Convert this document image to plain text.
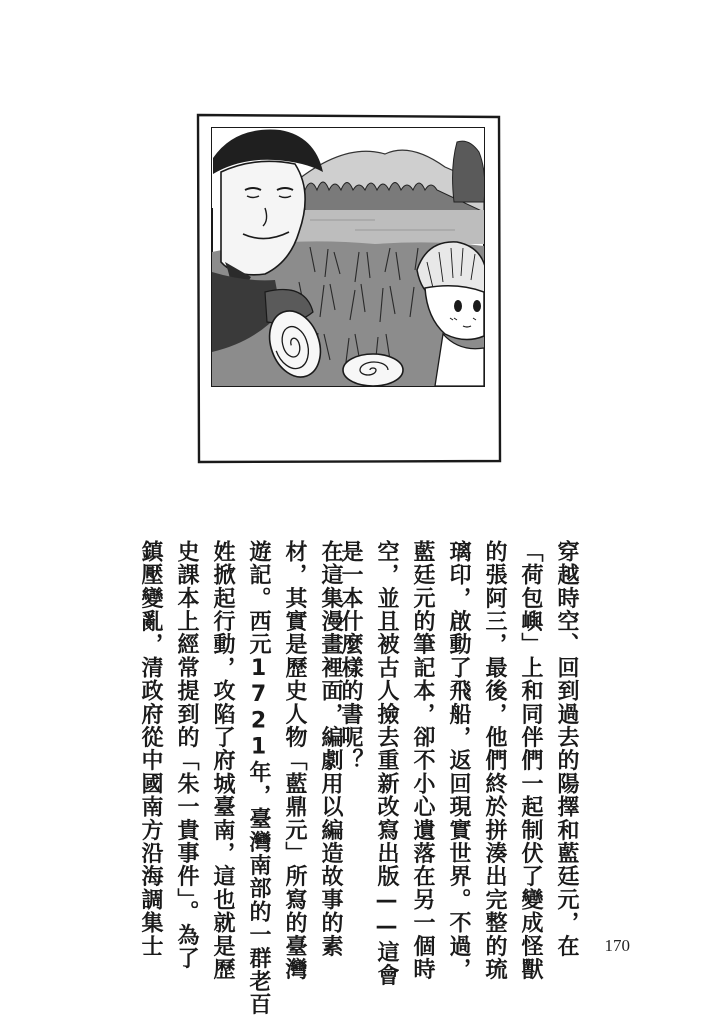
穿越時空、回到過去的陽擇和藍廷元，在
「荷包嶼」上和同伴們一起制伏了變成怪獸
的張阿三，最後，他們終於拼湊出完整的琉
璃印，啟動了飛船，返回現實世界。不過，
藍廷元的筆記本，卻不小心遺落在另一個時
空，並且被古人撿去重新改寫出版——這會
是一本什麼樣的書呢？
在這集漫畫裡面，編劇用以編造故事的素
材，其實是歷史人物「藍鼎元」所寫的臺灣
遊記。西元1721年，臺灣南部的一群老百
姓掀起行動，攻陷了府城臺南，這也就是歷
史課本上經常提到的「朱一貴事件」。為了
鎮壓變亂，清政府從中國南方沿海調集士	170
